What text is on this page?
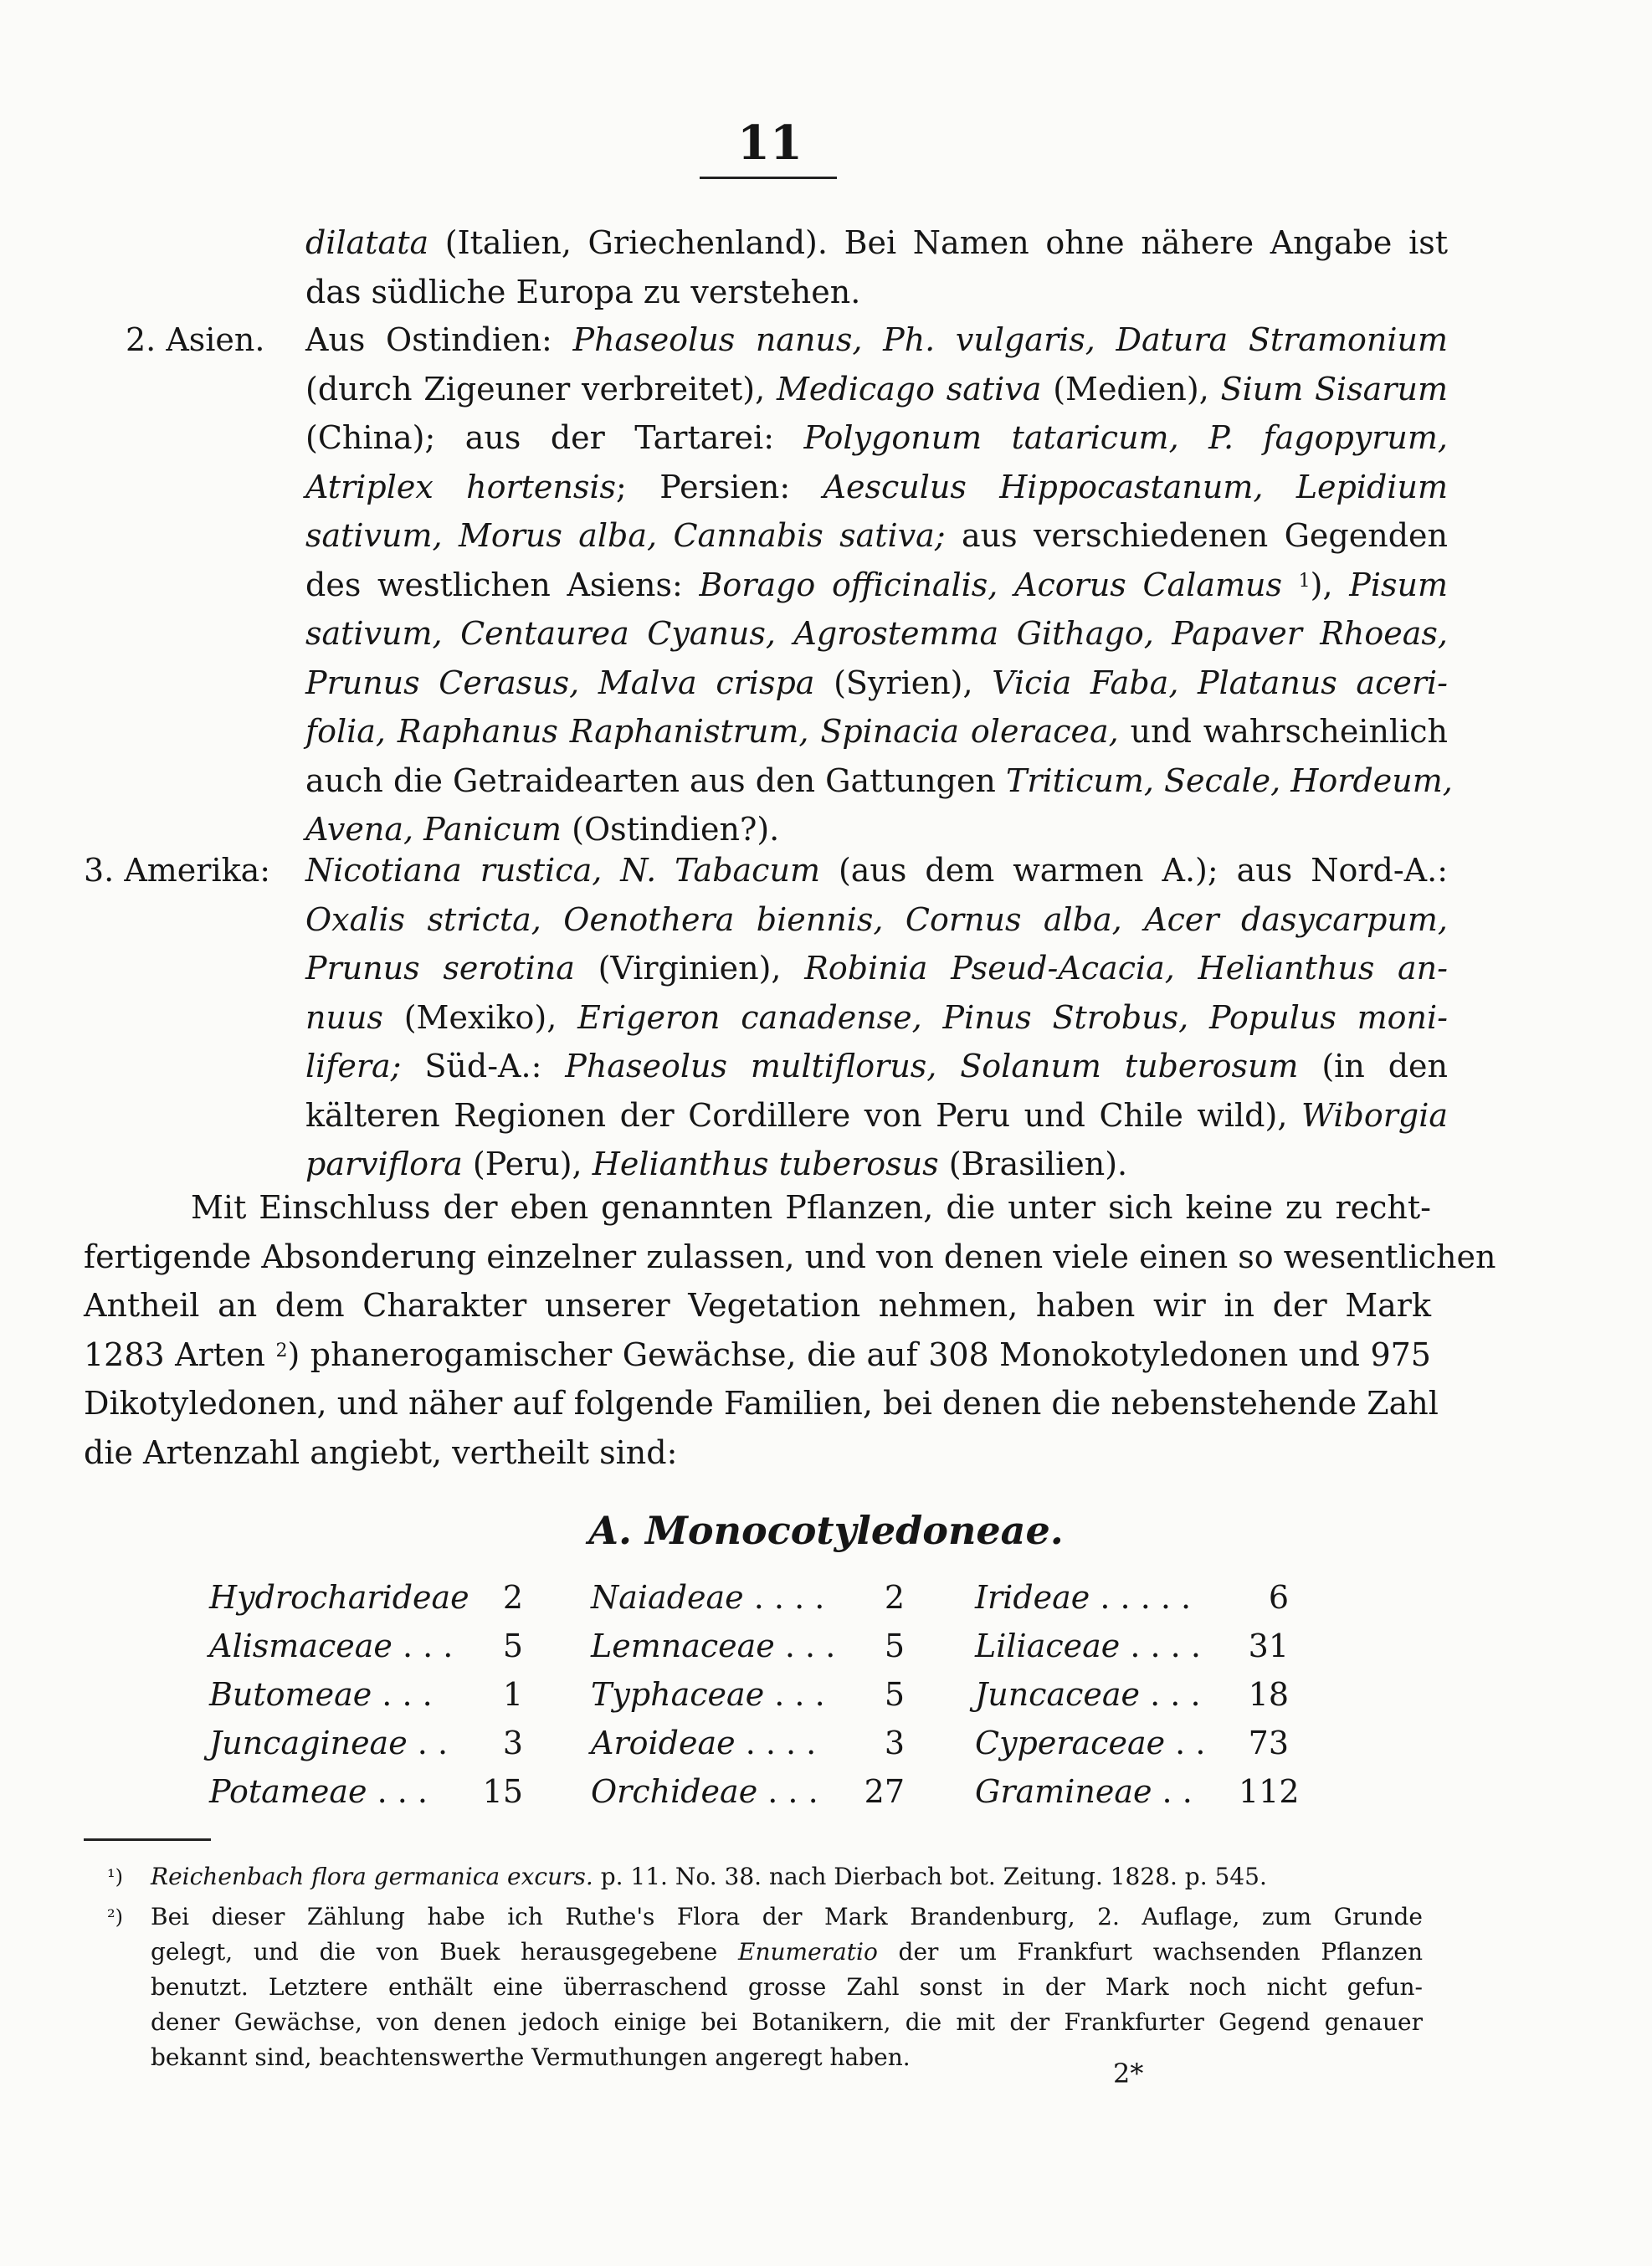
11
dilatata (Italien, Griechenland). Bei Namen ohne nähere Angabe ist
das südliche Europa zu verstehen.
2. Asien. Aus Ostindien: Phaseolus nanus, Ph. vulgaris, Datura Stramonium
(durch Zigeuner verbreitet), Medicago sativa (Medien), Sium Sisarum
(China); aus der Tartarei: Polygonum tataricum, P. fagopyrum,
Atriplex hortensis; Persien: Aesculus Hippocastanum, Lepidium
sativum, Morus alba, Cannabis sativa; aus verschiedenen Gegenden
des westlichen Asiens: Borago officinalis, Acorus Calamus $^1$), Pisum
sativum, Centaurea Cyanus, Agrostemma Githago, Papaver Rhoeas,
Prunus Cerasus, Malva crispa (Syrien), Vicia Faba, Platanus aceri-
folia, Raphanus Raphanistrum, Spinacia oleracea, und wahrscheinlich
auch die Getraidearten aus den Gattungen Triticum, Secale, Hordeum,
Avena, Panicum (Ostindien?).
3. Amerika: Nicotiana rustica, N. Tabacum (aus dem warmen A.); aus Nord-A.:
Oxalis stricta, Oenothera biennis, Cornus alba, Acer dasycarpum,
Prunus serotina (Virginien), Robinia Pseud-Acacia, Helianthus an-
nuus (Mexiko), Erigeron canadense, Pinus Strobus, Populus moni-
lifera; Süd-A.: Phaseolus multiflorus, Solanum tuberosum (in den
kälteren Regionen der Cordillere von Peru und Chile wild), Wiborgia
parviflora (Peru), Helianthus tuberosus (Brasilien).
Mit Einschluss der eben genannten Pflanzen, die unter sich keine zu recht-
fertigende Absonderung einzelner zulassen, und von denen viele einen so wesentlichen
Antheil an dem Charakter unserer Vegetation nehmen, haben wir in der Mark
1283 Arten $^2$) phanerogamischer Gewächse, die auf 308 Monokotyledonen und 975
Dikotyledonen, und näher auf folgende Familien, bei denen die nebenstehende Zahl
die Artenzahl angiebt, vertheilt sind:
A. Monocotyledoneae.
Hydrocharideae	2
Alismaceae . . .	5
Butomeae . . .	1
Juncagineae . .	3
Potameae . . .	15
Naiadeae . . . .	2
Lemnaceae . . .	5
Typhaceae . . .	5
Aroideae . . . .	3
Orchideae . . .	27
Irideae . . . . .	6
Liliaceae . . . .	31
Juncaceae . . .	18
Cyperaceae . .	73
Gramineae . .	112
¹) Reichenbach flora germanica excurs. p. 11. No. 38. nach Dierbach bot. Zeitung. 1828. p. 545.
²) Bei dieser Zählung habe ich Ruthe's Flora der Mark Brandenburg, 2. Auflage, zum Grunde
gelegt, und die von Buek herausgegebene Enumeratio der um Frankfurt wachsenden Pflanzen
benutzt. Letztere enthält eine überraschend grosse Zahl sonst in der Mark noch nicht gefun-
dener Gewächse, von denen jedoch einige bei Botanikern, die mit der Frankfurter Gegend genauer
bekannt sind, beachtenswerthe Vermuthungen angeregt haben.
2*
